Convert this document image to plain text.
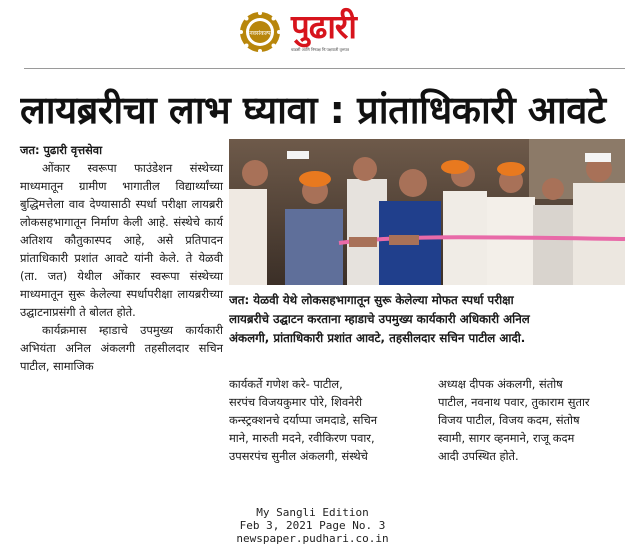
नवसंकल्प पुढारी
धाडसी आणि निष्पक्ष नि:पक्षपाती वृत्तपत्र
लायब्ररीचा लाभ घ्यावा : प्रांताधिकारी आवटे
जत: पुढारी वृत्तसेवा

ओंकार स्वरूपा फाउंडेशन संस्थेच्या माध्यमातून ग्रामीण भागातील विद्यार्थ्यांच्या बुद्धिमत्तेला वाव देण्यासाठी स्पर्धा परीक्षा लायब्ररी लोकसहभागातून निर्माण केली आहे. संस्थेचे कार्य अतिशय कौतुकास्पद आहे, असे प्रतिपादन प्रांताधिकारी प्रशांत आवटे यांनी केले. ते येळवी (ता. जत) येथील ओंकार स्वरूपा संस्थेच्या माध्यमातून सुरू केलेल्या स्पर्धापरीक्षा लायब्ररीच्या उद्घाटनाप्रसंगी ते बोलत होते.

कार्यक्रमास म्हाडाचे उपमुख्य कार्यकारी अभियंता अनिल अंकलगी तहसीलदार सचिन पाटील, सामाजिक

जत: येळवी येथे लोकसहभागातून सुरू केलेल्या मोफत स्पर्धा परीक्षा
लायब्ररीचे उद्घाटन करताना म्हाडाचे उपमुख्य कार्यकारी अधिकारी अनिल
अंकलगी, प्रांताधिकारी प्रशांत आवटे, तहसीलदार सचिन पाटील आदी.
कार्यकर्ते गणेश करे- पाटील,
सरपंच विजयकुमार पोरे, शिवनेरी
कन्स्ट्रक्शनचे दर्याप्पा जमदाडे, सचिन
माने, मारुती मदने, रवीकिरण पवार,
उपसरपंच सुनील अंकलगी, संस्थेचे
अध्यक्ष दीपक अंकलगी, संतोष
पाटील, नवनाथ पवार, तुकाराम सुतार
विजय पाटील, विजय कदम, संतोष
स्वामी, सागर व्हनमाने, राजू कदम
आदी उपस्थित होते.
My Sangli Edition
Feb 3, 2021 Page No. 3
newspaper.pudhari.co.in
